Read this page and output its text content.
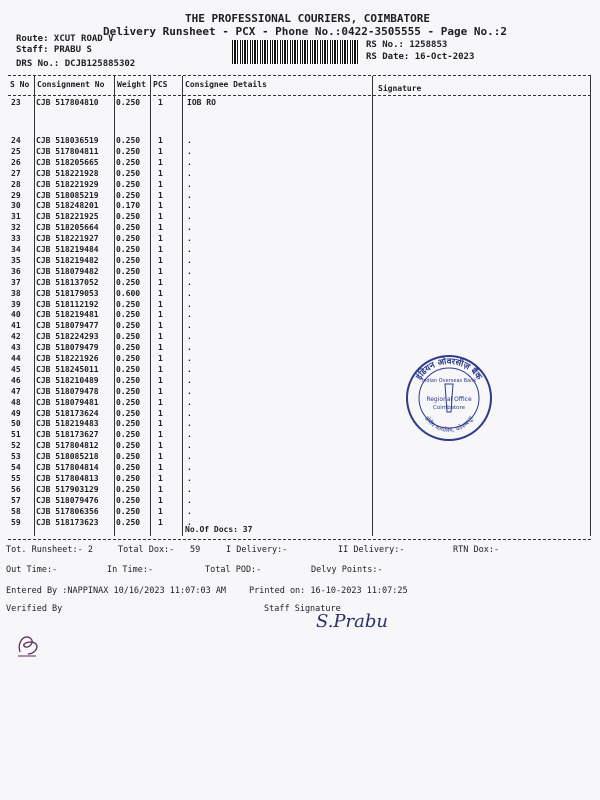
THE PROFESSIONAL COURIERS, COIMBATORE
Delivery Runsheet - PCX - Phone No.:0422-3505555 - Page No.:2
Route: XCUT ROAD V
Staff: PRABU S
DRS No.: DCJB125885302
RS No.: 1258853
RS Date: 16-Oct-2023
S No Consignment No Weight PCS Consignee Details	Signature
23 CJB 517804810 0.250 1	IOB RO
24 CJB 518036519 0.250 1	.
25 CJB 517804811 0.250 1	.
26 CJB 518205665 0.250 1	.
27 CJB 518221928 0.250 1	.
28 CJB 518221929 0.250 1	.
29 CJB 518085219 0.250 1	.
30 CJB 518248201 0.170 1	.
31 CJB 518221925 0.250 1	.
32 CJB 518205664 0.250 1	.
33 CJB 518221927 0.250 1	.
34 CJB 518219484 0.250 1	.
35 CJB 518219482 0.250 1	.
36 CJB 518079482 0.250 1	.
37 CJB 518137052 0.250 1	.
38 CJB 518179053 0.600 1	.
39 CJB 518112192 0.250 1	.
40 CJB 518219481 0.250 1	.
41 CJB 518079477 0.250 1	.
42 CJB 518224293 0.250 1	.
43 CJB 518079479 0.250 1	.
44 CJB 518221926 0.250 1	.
45 CJB 518245011 0.250 1	.
46 CJB 518210489 0.250 1	.
47 CJB 518079478 0.250 1	.
48 CJB 518079481 0.250 1	.
49 CJB 518173624 0.250 1	.
50 CJB 518219483 0.250 1	.
51 CJB 518173627 0.250 1	.
52 CJB 517804812 0.250 1	.
53 CJB 518085218 0.250 1	.
54 CJB 517804814 0.250 1	.
55 CJB 517804813 0.250 1	.
56 CJB 517903129 0.250 1	.
57 CJB 518079476 0.250 1	.
58 CJB 517806356 0.250 1	.
59 CJB 518173623 0.250 1	.
No.Of Docs: 37
Tot. Runsheet:- 2	Total Dox:- 59	I Delivery:-	II Delivery:-	RTN Dox:-
Out Time:-	In Time:-	Total POD:-	Delvy Points:-
Entered By :NAPPINAX 10/16/2023 11:07:03 AM	Printed on: 16-10-2023 11:07:25
Verified By	Staff Signature
S.Prabu
इंडियन ओवरसीज़ बैंक
क्षेत्रीय कार्यालय, कोयम्बत्तूर
Indian Overseas Bank
Regional Office
Coimbatore
